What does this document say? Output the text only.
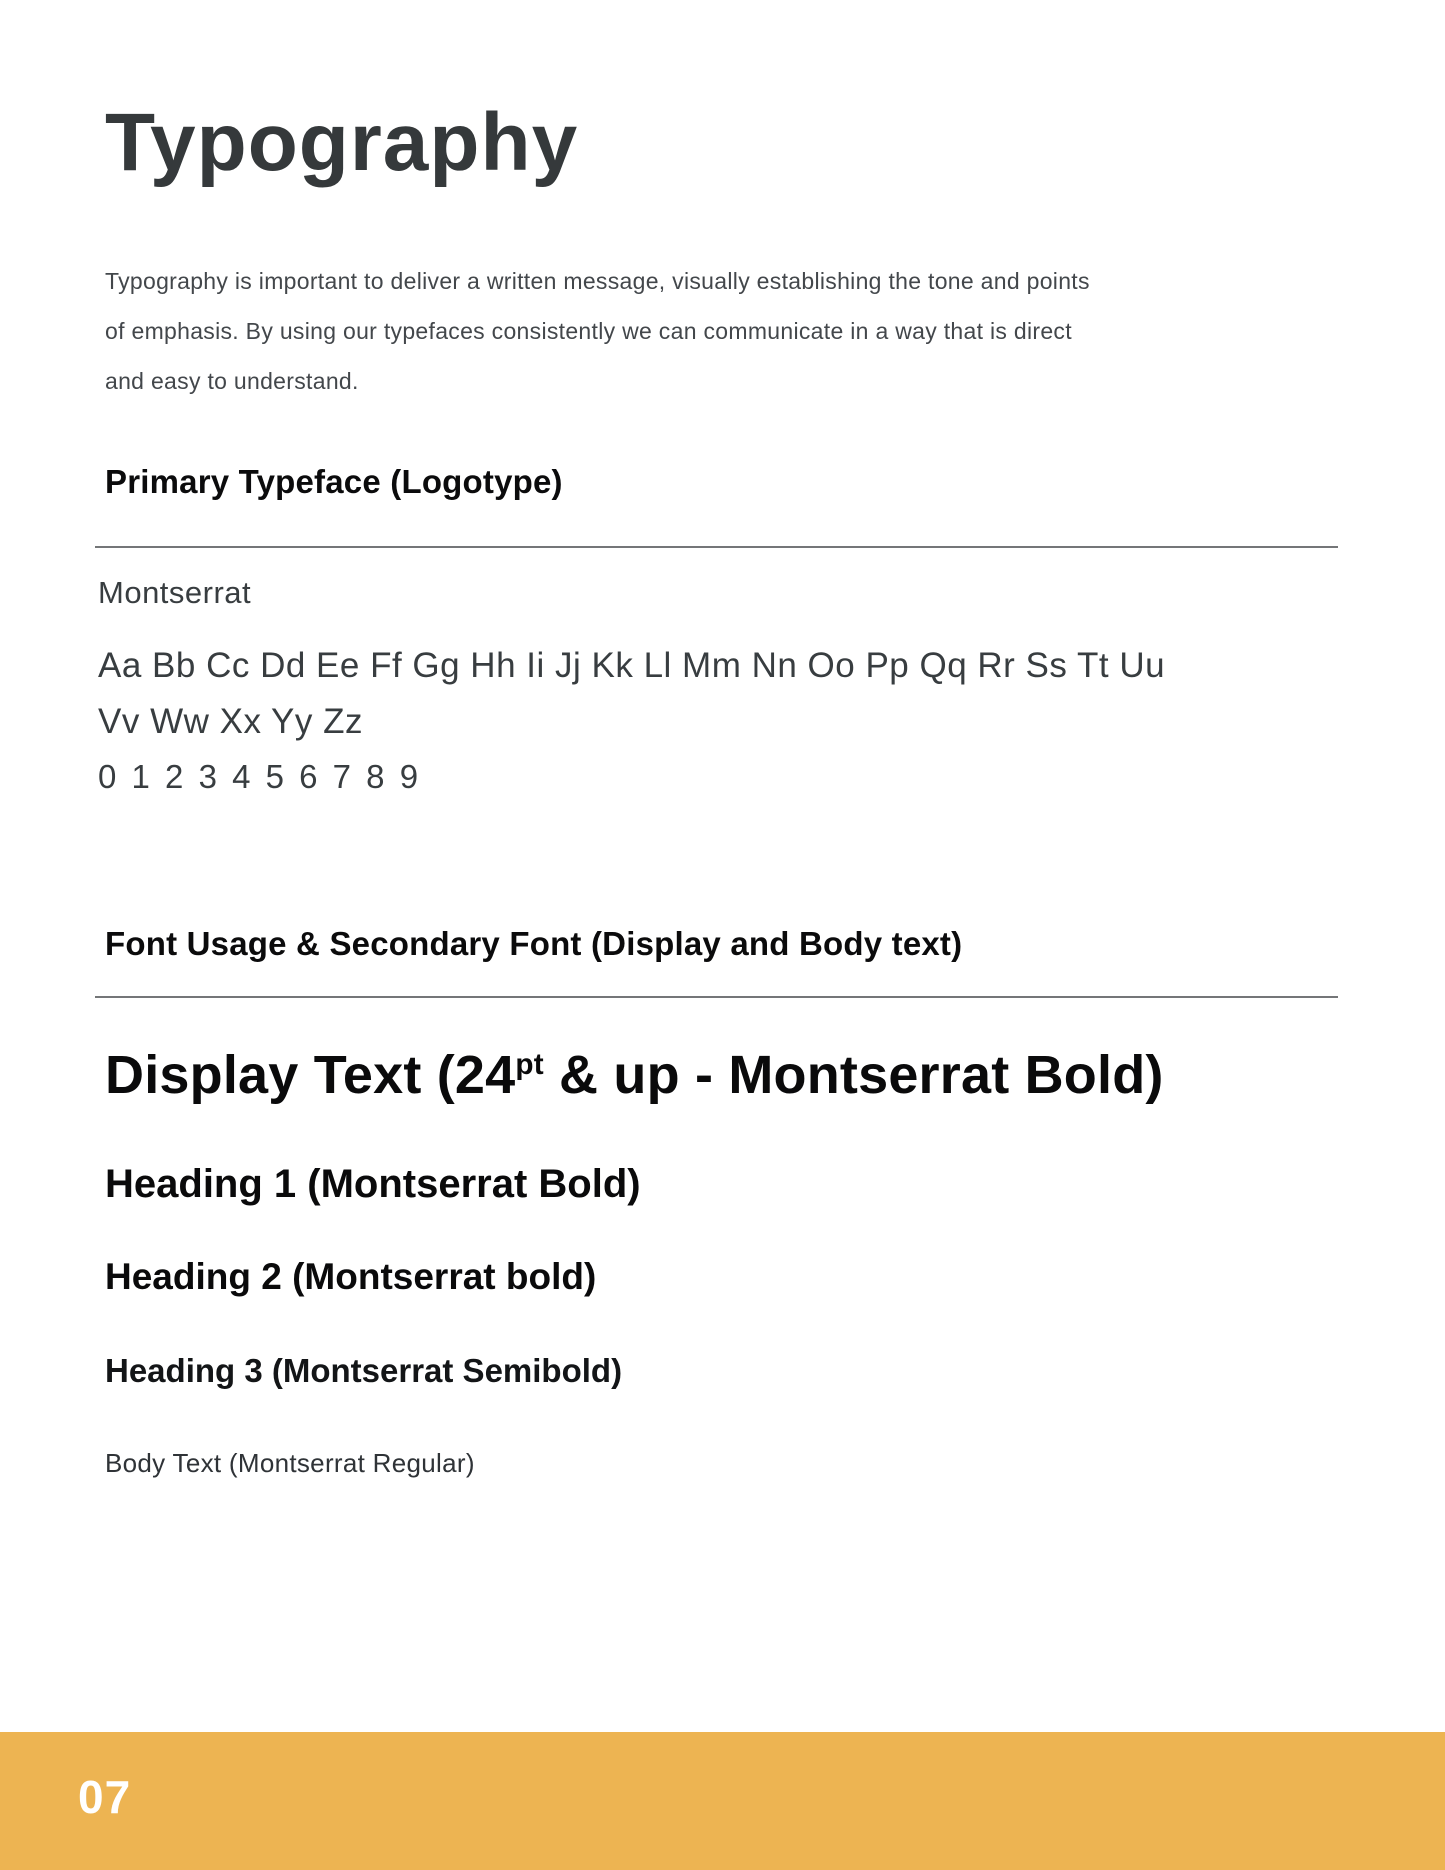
Typography

Typography is important to deliver a written message, visually establishing the tone and points
of emphasis. By using our typefaces consistently we can communicate in a way that is direct
and easy to understand.

Primary Typeface (Logotype)
Montserrat
Aa Bb Cc Dd Ee Ff Gg Hh Ii Jj Kk Ll Mm Nn Oo Pp Qq Rr Ss Tt Uu
Vv Ww Xx Yy Zz
0 1 2 3 4 5 6 7 8 9
Font Usage & Secondary Font (Display and Body text)
Display Text ($24^{pt}$ & up - Montserrat Bold)
Heading 1 (Montserrat Bold)
Heading 2 (Montserrat bold)
Heading 3 (Montserrat Semibold)
Body Text (Montserrat Regular)
07
